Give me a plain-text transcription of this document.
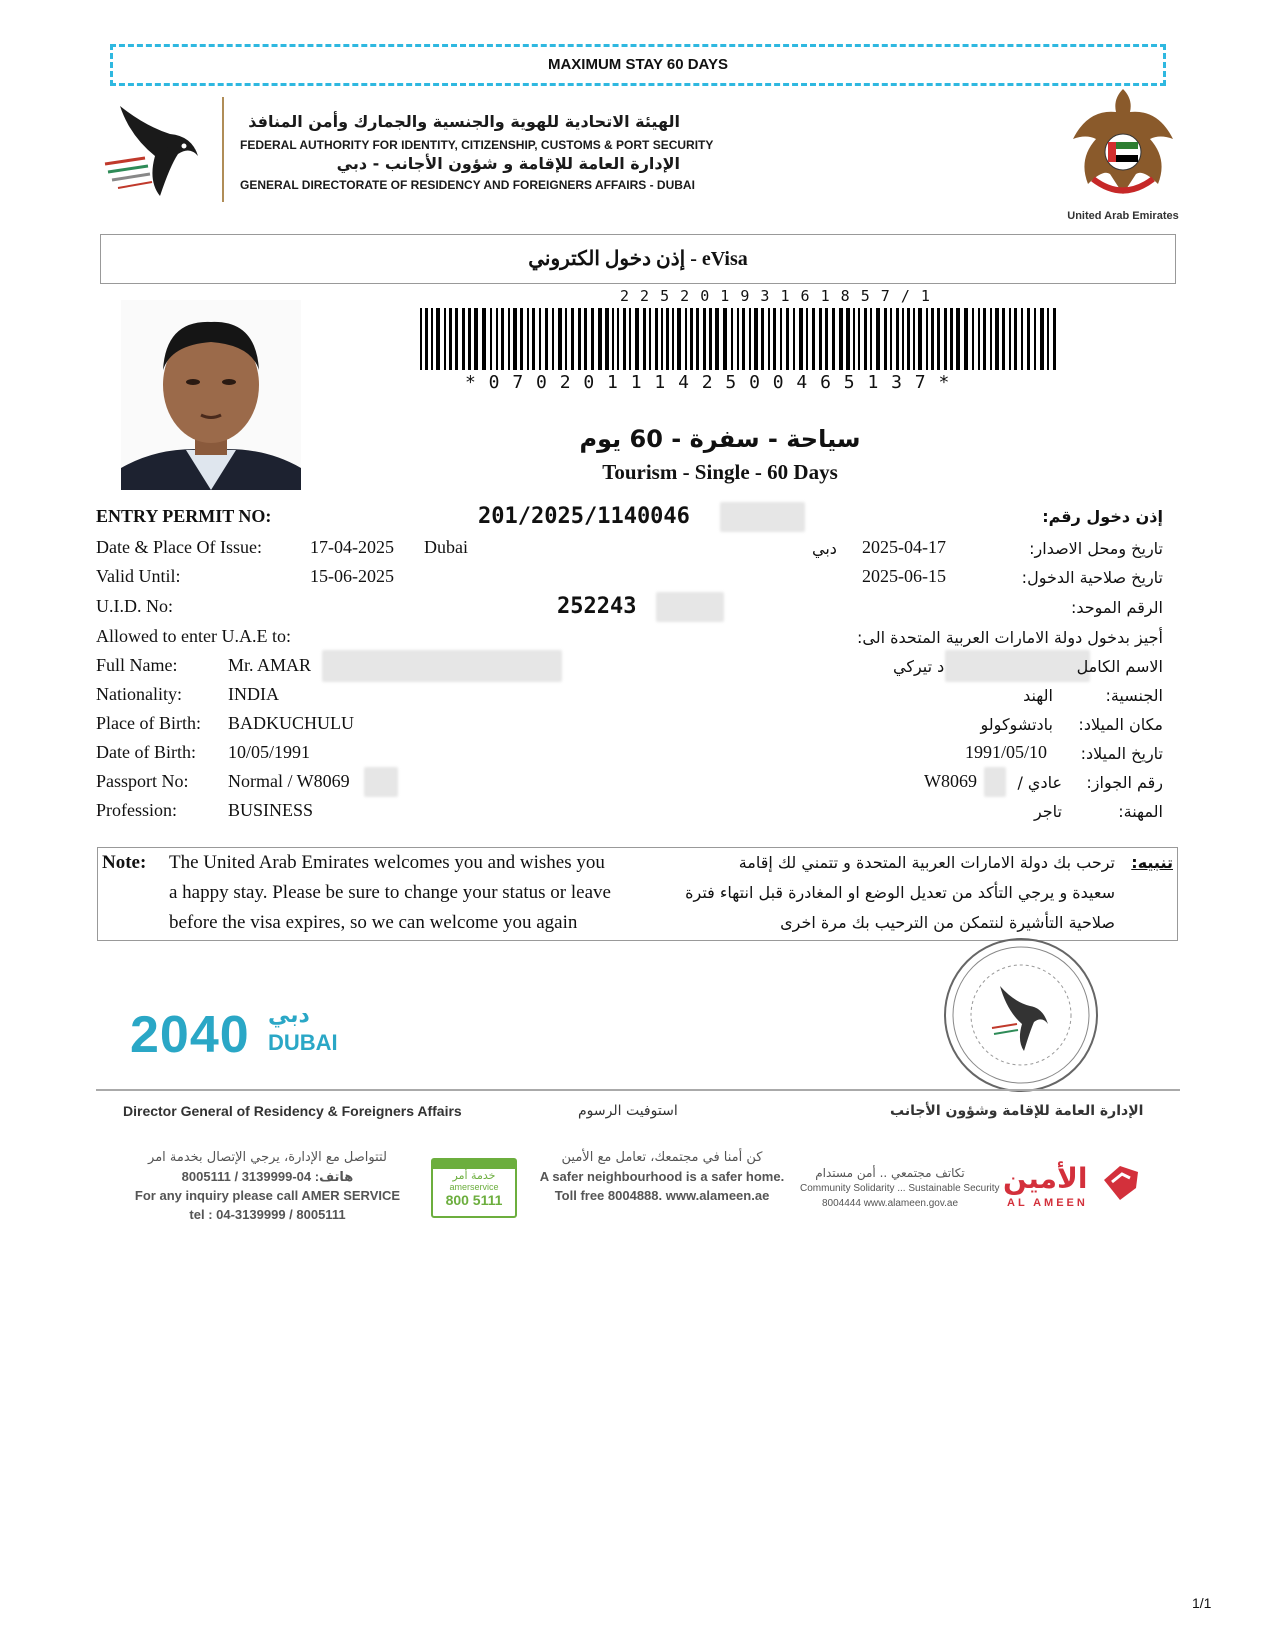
MAXIMUM STAY 60 DAYS
الهيئة الاتحادية للهوية والجنسية والجمارك وأمن المنافذ
FEDERAL AUTHORITY FOR IDENTITY, CITIZENSHIP, CUSTOMS & PORT SECURITY
الإدارة العامة للإقامة و شؤون الأجانب - دبي
GENERAL DIRECTORATE OF RESIDENCY AND FOREIGNERS AFFAIRS - DUBAI
United Arab Emirates
إذن دخول الكتروني - eVisa
2 2 5 2 0 1 9 3 1 6 1 8 5 7 / 1
* 0 7 0 2 0 1 1 1 4 2 5 0 0 4 6 5 1 3 7 *
سياحة - سفرة - 60 يوم
Tourism - Single - 60 Days
ENTRY PERMIT NO:	201/2025/1140046	إذن دخول رقم:
Date & Place Of Issue:	17-04-2025 Dubai	دبي 2025-04-17	تاريخ ومحل الاصدار:
Valid Until:	15-06-2025	2025-06-15	تاريخ صلاحية الدخول:
U.I.D. No:	252243	الرقم الموحد:
Allowed to enter U.A.E to:	أجيز بدخول دولة الامارات العربية المتحدة الى:
Full Name:	Mr. AMAR	د تيركي	الاسم الكامل
Nationality:	INDIA	الهند	الجنسية:
Place of Birth: BADKUCHULU	بادتشوكولو مكان الميلاد:
Date of Birth: 10/05/1991	1991/05/10 تاريخ الميلاد:
Passport No: Normal / W8069	W8069	عادي / رقم الجواز:
Profession:	BUSINESS	تاجر	المهنة:
Note: The United Arab Emirates welcomes you and wishes you
a happy stay. Please be sure to change your status or leave
before the visa expires, so we can welcome you again
تنبيه:
ترحب بك دولة الامارات العربية المتحدة و تتمني لك إقامة
سعيدة و يرجي التأكد من تعديل الوضع او المغادرة قبل انتهاء فترة
صلاحية التأشيرة لنتمكن من الترحيب بك مرة اخرى
2040 دبي
DUBAI
Director General of Residency & Foreigners Affairs	استوفيت الرسوم	الإدارة العامة للإقامة وشؤون الأجانب
لتتواصل مع الإدارة، يرجي الإتصال بخدمة امر
هاتف: 04-3139999 / 8005111
For any inquiry please call AMER SERVICE
tel : 04-3139999 / 8005111
خدمة أمر
amerservice
800 5111
كن أمنا في مجتمعك، تعامل مع الأمين
A safer neighbourhood is a safer home.
Toll free 8004888. www.alameen.ae
تكاتف مجتمعي .. أمن مستدام
Community Solidarity ... Sustainable Security
8004444 www.alameen.gov.ae
الأمين
AL AMEEN
1/1
